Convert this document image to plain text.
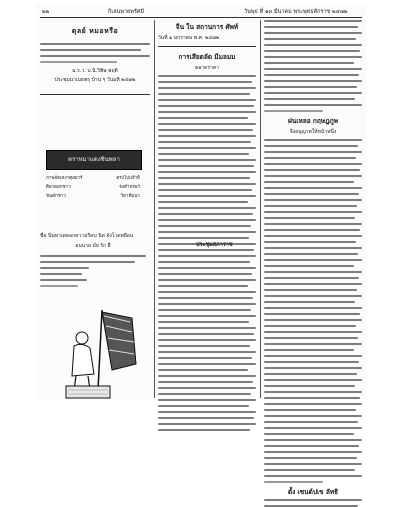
๒๒	กิเลนพายพรัศมี	วันพุธ ที่ ๑๓ มีนาคม พระพุทธศักราช ๒๔๗๒
ตุลย์ หมอหรือ
ม.ร.ว. บ.นิ.วิพิษ พฤติ
ประชุมนาเมธพรุ บ้าน ๆ วันมหิ ๒๔๗๒
ตราหมาแดงชินพลา
ภาพจัดเหงาศุลยาร์	ตรงไปปจำหิ
ศิลาดอกชาว	จังตำหรยว์
ชนดักชาว	วีดาทีมนา
ชื่อ นิ่นทาเตดอกความรีคบ นิด จังโวดหยีอน
อนนาย มัย รัก ผื
จีน ใน สถานการ ศัพท์
วันที่ ๑ มกราคม พ.ศ. ๒๔๗๒
การเสียดลัด มีมลมม
ตลาดราคา
ฝนเหลอ กฤษฎภูพ
จึงอนุญาตให้หน้าหนึ่ง
ตั้ง เซนต์ปเข ลัทธิ
ประชุมสภาราช
